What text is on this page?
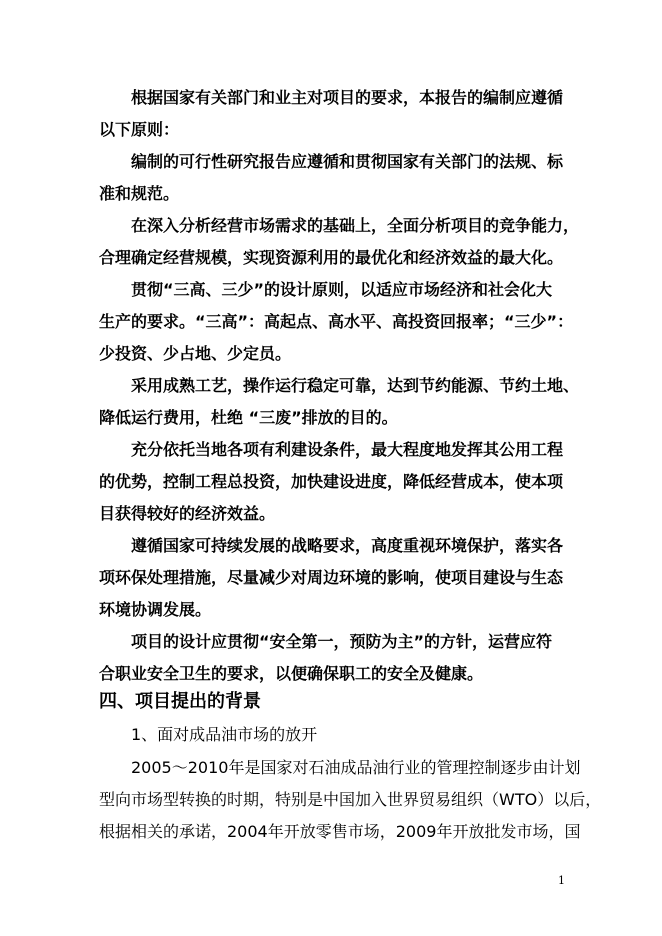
根据国家有关部门和业主对项目的要求，本报告的编制应遵循
以下原则：
编制的可行性研究报告应遵循和贯彻国家有关部门的法规、标
准和规范。
在深入分析经营市场需求的基础上，全面分析项目的竞争能力，
合理确定经营规模，实现资源利用的最优化和经济效益的最大化。
贯彻“三高、三少”的设计原则，以适应市场经济和社会化大
生产的要求。“三高”：高起点、高水平、高投资回报率；“三少”：
少投资、少占地、少定员。
采用成熟工艺，操作运行稳定可靠，达到节约能源、节约土地、
降低运行费用，杜绝 “三废”排放的目的。
充分依托当地各项有利建设条件，最大程度地发挥其公用工程
的优势，控制工程总投资，加快建设进度，降低经营成本，使本项
目获得较好的经济效益。
遵循国家可持续发展的战略要求，高度重视环境保护，落实各
项环保处理措施，尽量减少对周边环境的影响，使项目建设与生态
环境协调发展。
项目的设计应贯彻“安全第一，预防为主”的方针，运营应符
合职业安全卫生的要求，以便确保职工的安全及健康。
四、项目提出的背景
1、面对成品油市场的放开
2005～2010年是国家对石油成品油行业的管理控制逐步由计划
型向市场型转换的时期，特别是中国加入世界贸易组织（WTO）以后，
根据相关的承诺，2004年开放零售市场，2009年开放批发市场，国
1
